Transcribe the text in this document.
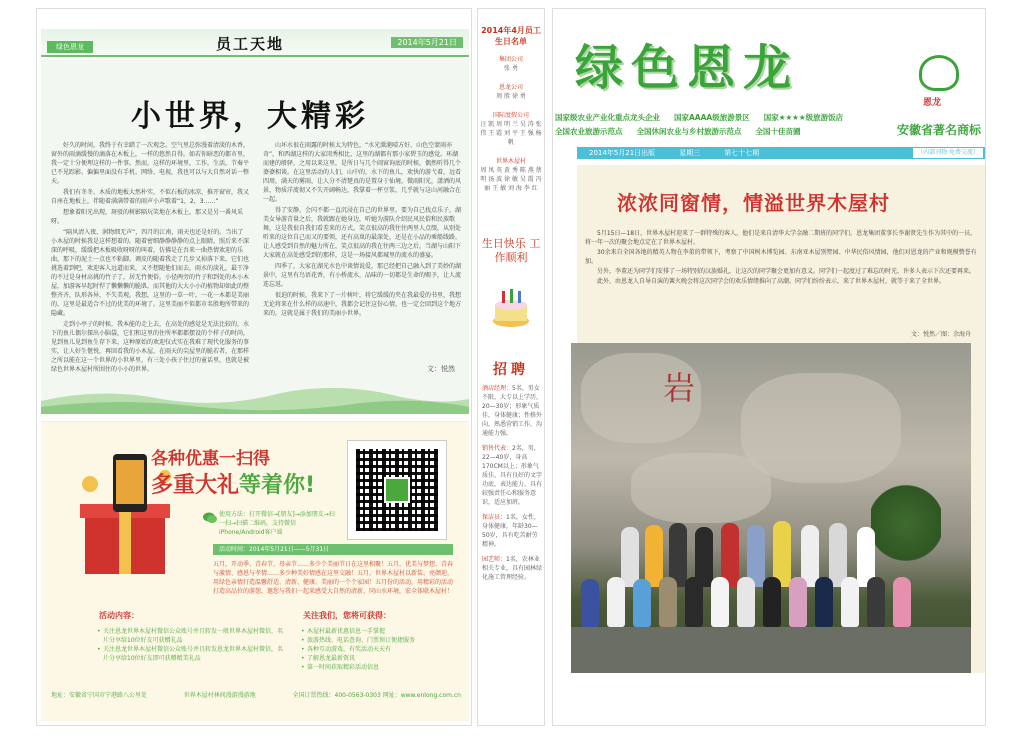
绿色恩龙	员工天地	2014年5月21日
小世界，大精彩

好久的时间，我终于有幸踏了一次观念。空气里总弥漫着清淡的木香，窗外的雨滴缓慢的滴落在木板上，一样的悠然自得。如若你暗恋的都市里，我一定十分便埋这样的一件事。然而，这样的环境里，工作，生活，节奏平已不见踪影。偏偏里面没有手机、网络、电视，我也可以与大自然对话一整天。

我们有冬冬、木质的地板大然朴实，不似石板的冰凉，推开窗帘，我又自座在地板上，伴随着满满带着的雨声小声歌着“1，2，3……”

想象着阳光出现，斑驳的树影隔玩笑地在木板上，那又是另一番风采呀。

“隔风清入夜，润物细无声”，四月的江南，雨天也还是好的。当出了小木屋的时候我是这样想着的。随着密细静静静静的点上眼睛，照后来不深深的呼吸，缓缓把木板吸收呀呀的叫着，仿佛是在吾来一曲热情欢迎的乐曲，那下的泥土一点也不粘脚。调皮的随着我走了几步又掉落下来，它们也挑选着到吧，欢迎客人远道而来，又不想随他们而去，雨水的淡礼，最干净的不过是身材高挑的竹子了，居无竹便俗。小径两旁的竹子和到处的木小木屋，加游客早起时悍了懒懒懒的脆肌。而其他的大大小小的植物却如此的整整齐齐，队形各异，不失美观。我想，这里的一草一叶，一花一木都是美丽的，这里是最适合不过的优美的环境了。这里美丽不似都市名胜地所带来的隐藏。

走到小亭子的时候，我本能的走上去，在高处的感觉是无法比较的，水下的鱼儿偶尔探出小脑袋，它们和这里的住所率都都摆设的个样子的时尚，见到鱼儿见到鱼生存下来。这种原始的欢迎仅式实在我难了现代化服务的事实，让人好生惬悦，再回看我的小木屋，在雨天的尖屋里的脆若者，在那样之所以能在这一个世界的小世界里，有三处小孩子住过的童话里，也就是被绿色世界木屋村所围住的小小的世界。

山坏水很在雨露的时候太为特色，“水光潋滟晴方好，山色空蒙雨亦奇”，和西湖这样的大家闺秀相比，这里的湖都有那小家碧玉的感觉。环湖而建的般驿，之用以来这里，是所日与几个闹窗询底的时候，偶然听得几个婆婆相谈。在这里活动的人们，山中的，水下的鱼儿，欢快的游弋着，远看四周，满天的雾雨，让人分不清楚真的是置身于仙境。微雨阳光，潇洒的风景，物质洋流彻又不失开阔畅达，我掌着一杯豆浆，几乎就与这山河融合在一起。

得了安静，会闪不都一直沉浸在自己的世界里。要为自己找点乐子，湖美女导游青量之后，我就跟在她身边，听她为游队介绍民风民俗和民族歌舞，这是我很自我们看差来的方式。笑点很高的我往往两里人点缀，从别处听来的这位自己而又的要领，还有高岚的最深处，还是在小品的乘船线路，让人感受到自然的魅力所在，笑点很高的我在往两三边之后，当湖与山阳下大家就在高处感受到的那样，这是一场接风都城里的流水的盛宴。

四季了，大家在湖光水色中谈情说爱，那已经把自己融入到了美妙的湖景中，这里有鸟语花香，有小桥流水，品味的一切都是生命的赐予，让人流连忘返。

很迫的时候，我来下了一片树叶，将它缓缓的夹在我最爱的书里，我想无论将来在什么样的高速中，我都会记住这份心情，也一定会回到这个地方来的，这就是属于我们的美丽小世界。

文：悦然
各种优惠一扫得
多重大礼等着你!
使用方法：打开微信→[朋友]→添加朋友→扫一扫→扫描二维码，支持微信iPhone/Android客户端
活动时间：2014年5月21日——5月31日
五月，开动季、青春节、母亲节……多少个美丽节日在这里相聚！五月，优美与梦想、青春与激情、感恩与孝情……多少种美好情感在这里交融！五月，世界木屋村以新装、亮颜迎，用绿色亲情打造温馨舒适、清新、健康、美丽的一个个家园！五月份的活动，用精彩的活动打造高品位的游憩，邀您与我们一起来感受大自然的清新、同山水环境，宏全体联木屋村！
活动内容：
• 关注恩龙世界木屋村微信公众账号并且转发一般世界木屋村微信，名片分享给10位好友可获赠礼品
• 关注恩龙世界木屋村微信公众账号并且转发恩龙世界木屋村微信，名片分享给10位好友即可获赠精美礼品
关注我们，您将可获得：
• 木屋村最新优惠信息一手掌握
• 旅游热线、电话查询、门票预订便捷服务
• 各种互动游戏、有奖活动天天有
• 了解恩龙最新资讯
• 第一时间获取精彩活动信息
地址：安徽省宁国市宁港路八公里处	世界木屋村林间漫游漫游地	全国订票热线：400-0563-0303 网址：www.enlong.com.cn
2014年4月员工生日名单
集团公司
张 勇
恩龙公司
周 胜 徐 勇
国际度假公司
汪 凯 周 明 兰 吴 涛 张 伟 王 霞 刘 平 王 强 杨 帆
世界木屋村
周 凤 英 黄 秀 陈 燕 蔡 明 汤 波 徐 敏 吴 霞 冯 丽 王 敏 刘 海 李 红
生日快乐 工作顺利
招聘
酒店经理：5名，男女不限，大专以上学历，20—30岁；形象气质佳，身体健康；性格外向，熟悉营销工作，沟通能力强。
销售代表：2名，男，22—40岁，身高170CM以上；形象气质佳，具有良好的文字功底，表达能力，具有较强责任心和服务意识，适应加班。
保洁员：1名，女性，身体健康，年龄30—50岁，具有吃苦耐劳精神。
园艺师：1名，农林业相关专业，具有园林绿化施工管理经验。
绿色恩龙
恩龙
国家级农业产业化重点龙头企业 国家AAAA级旅游景区 国家★★★★级旅游饭店
全国农业旅游示范点 全国休闲农业与乡村旅游示范点 全国十佳苗圃	安徽省著名商标
2014年5月21日出版	星期三	第七十七期	（内部刊物 免费交流）
浓浓同窗情，情溢世界木屋村

5月15日—18日，世界木屋村迎来了一群特殊的客人，他们是来自清华大学金融二期班的同学们。恩龙集团董事长李谢贤先生作为其中的一员，将一年一次的聚会地点定在了世界木屋村。

30余来自全国各地的精英人物在李董的带领下，考察了中国树木博览园、东南亚木屋别墅园、中华民俗风情园，他们对恩龙的产业和规模赞誉有加。

另外，李董还为同学们安排了一场特别的汉族婚礼，让这次的同学聚会更加有意义。同学们一起度过了难忘的时光，许多人表示下次还要再来。

此外，由恩龙人自导自演的篝火晚会将这次同学会的欢乐情绪推向了高潮。同学们纷纷表示，来了世界木屋村，就等于来了全世界。

文：悦然／图：余海舟
岩
